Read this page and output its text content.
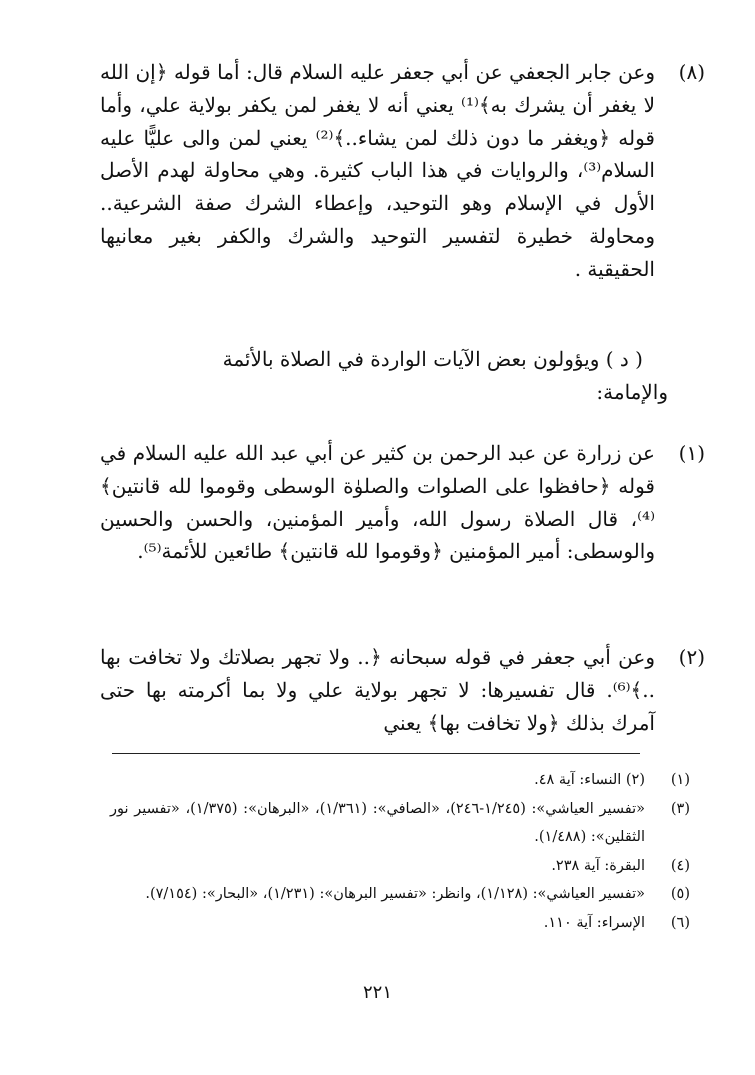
(٨)

وعن جابر الجعفي عن أبي جعفر عليه السلام قال: أما قوله ﴿إن الله لا يغفر أن يشرك به﴾⁽¹⁾ يعني أنه لا يغفر لمن يكفر بولاية علي، وأما قوله ﴿ويغفر ما دون ذلك لمن يشاء..﴾⁽²⁾ يعني لمن والى عليًّا عليه السلام⁽³⁾، والروايات في هذا الباب كثيرة. وهي محاولة لهدم الأصل الأول في الإسلام وهو التوحيد، وإعطاء الشرك صفة الشرعية.. ومحاولة خطيرة لتفسير التوحيد والشرك والكفر بغير معانيها الحقيقية .

( د ) ويؤولون بعض الآيات الواردة في الصلاة بالأئمة

والإمامة:

(١)

عن زرارة عن عبد الرحمن بن كثير عن أبي عبد الله عليه السلام في قوله ﴿حافظوا على الصلوات والصلوٰة الوسطى وقوموا لله قانتين﴾⁽⁴⁾، قال الصلاة رسول الله، وأمير المؤمنين، والحسن والحسين والوسطى: أمير المؤمنين ﴿وقوموا لله قانتين﴾ طائعين للأئمة⁽⁵⁾.

(٢)

وعن أبي جعفر في قوله سبحانه ﴿.. ولا تجهر بصلاتك ولا تخافت بها ..﴾⁽⁶⁾. قال تفسيرها: لا تجهر بولاية علي ولا بما أكرمته بها حتى آمرك بذلك ﴿ولا تخافت بها﴾ يعني

(١)
(٢) النساء: آية ٤٨.
(٣)
«تفسير العياشي»: (١/٢٤٥-٢٤٦)، «الصافي»: (١/٣٦١)، «البرهان»: (١/٣٧٥)، «تفسير نور الثقلين»: (١/٤٨٨).
(٤)
البقرة: آية ٢٣٨.
(٥)
«تفسير العياشي»: (١/١٢٨)، وانظر: «تفسير البرهان»: (١/٢٣١)، «البحار»: (٧/١٥٤).
(٦)
الإسراء: آية ١١٠.
٢٢١
